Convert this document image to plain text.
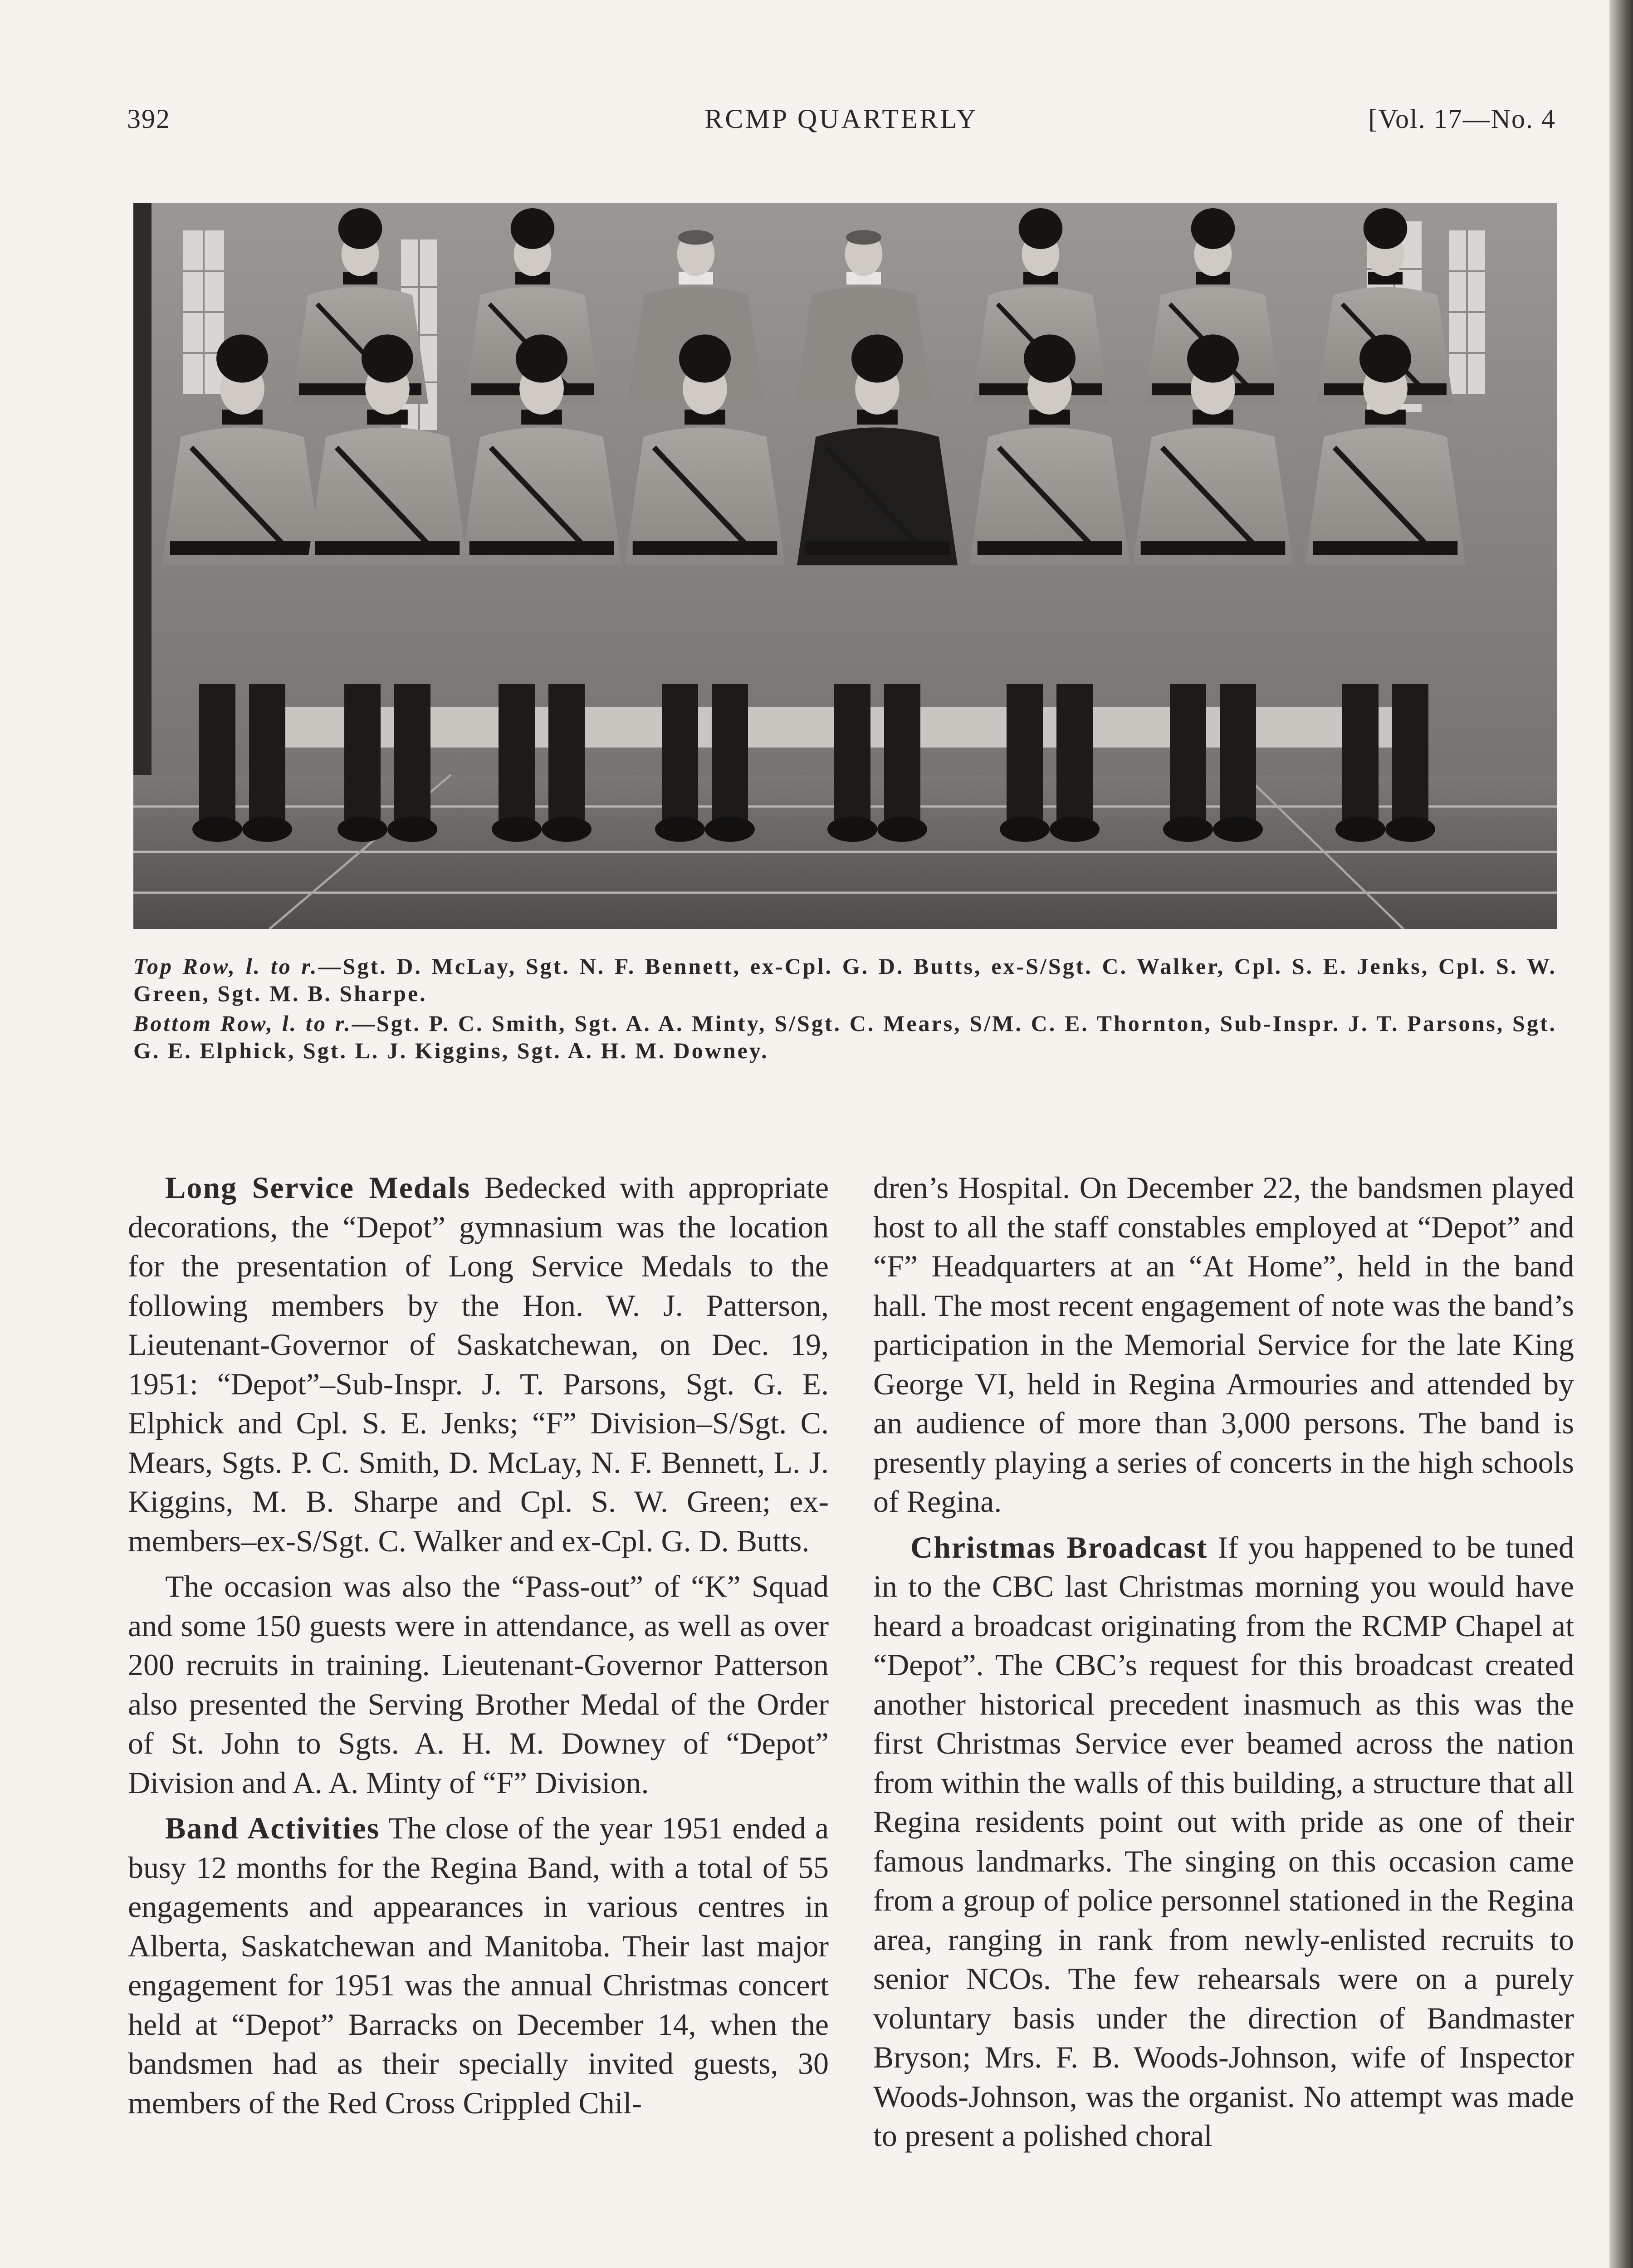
392	RCMP QUARTERLY	[Vol. 17—No. 4

Top Row, l. to r.—Sgt. D. McLay, Sgt. N. F. Bennett, ex-Cpl. G. D. Butts, ex-S/Sgt. C. Walker, Cpl. S. E. Jenks, Cpl. S. W. Green, Sgt. M. B. Sharpe.

Bottom Row, l. to r.—Sgt. P. C. Smith, Sgt. A. A. Minty, S/Sgt. C. Mears, S/M. C. E. Thornton, Sub-Inspr. J. T. Parsons, Sgt. G. E. Elphick, Sgt. L. J. Kiggins, Sgt. A. H. M. Downey.

Long Service Medals Bedecked with appropriate decorations, the “Depot” gymnasium was the location for the presentation of Long Service Medals to the following members by the Hon. W. J. Patterson, Lieutenant-Governor of Saskatchewan, on Dec. 19, 1951: “Depot”–Sub-Inspr. J. T. Parsons, Sgt. G. E. Elphick and Cpl. S. E. Jenks; “F” Division–S/Sgt. C. Mears, Sgts. P. C. Smith, D. McLay, N. F. Bennett, L. J. Kiggins, M. B. Sharpe and Cpl. S. W. Green; ex-members–ex-S/Sgt. C. Walker and ex-Cpl. G. D. Butts.

The occasion was also the “Pass-out” of “K” Squad and some 150 guests were in attendance, as well as over 200 recruits in training. Lieutenant-Governor Patterson also presented the Serving Brother Medal of the Order of St. John to Sgts. A. H. M. Downey of “Depot” Division and A. A. Minty of “F” Division.

Band Activities The close of the year 1951 ended a busy 12 months for the Regina Band, with a total of 55 engagements and appearances in various centres in Alberta, Saskatchewan and Manitoba. Their last major engagement for 1951 was the annual Christmas concert held at “Depot” Barracks on December 14, when the bandsmen had as their specially invited guests, 30 members of the Red Cross Crippled Chil-

dren’s Hospital. On December 22, the bandsmen played host to all the staff constables employed at “Depot” and “F” Headquarters at an “At Home”, held in the band hall. The most recent engagement of note was the band’s participation in the Memorial Service for the late King George VI, held in Regina Armouries and attended by an audience of more than 3,000 persons. The band is presently playing a series of concerts in the high schools of Regina.

Christmas Broadcast If you happened to be tuned in to the CBC last Christmas morning you would have heard a broadcast originating from the RCMP Chapel at “Depot”. The CBC’s request for this broadcast created another historical precedent inasmuch as this was the first Christmas Service ever beamed across the nation from within the walls of this building, a structure that all Regina residents point out with pride as one of their famous landmarks. The singing on this occasion came from a group of police personnel stationed in the Regina area, ranging in rank from newly-enlisted recruits to senior NCOs. The few rehearsals were on a purely voluntary basis under the direction of Bandmaster Bryson; Mrs. F. B. Woods-Johnson, wife of Inspector Woods-Johnson, was the organist. No attempt was made to present a polished choral
